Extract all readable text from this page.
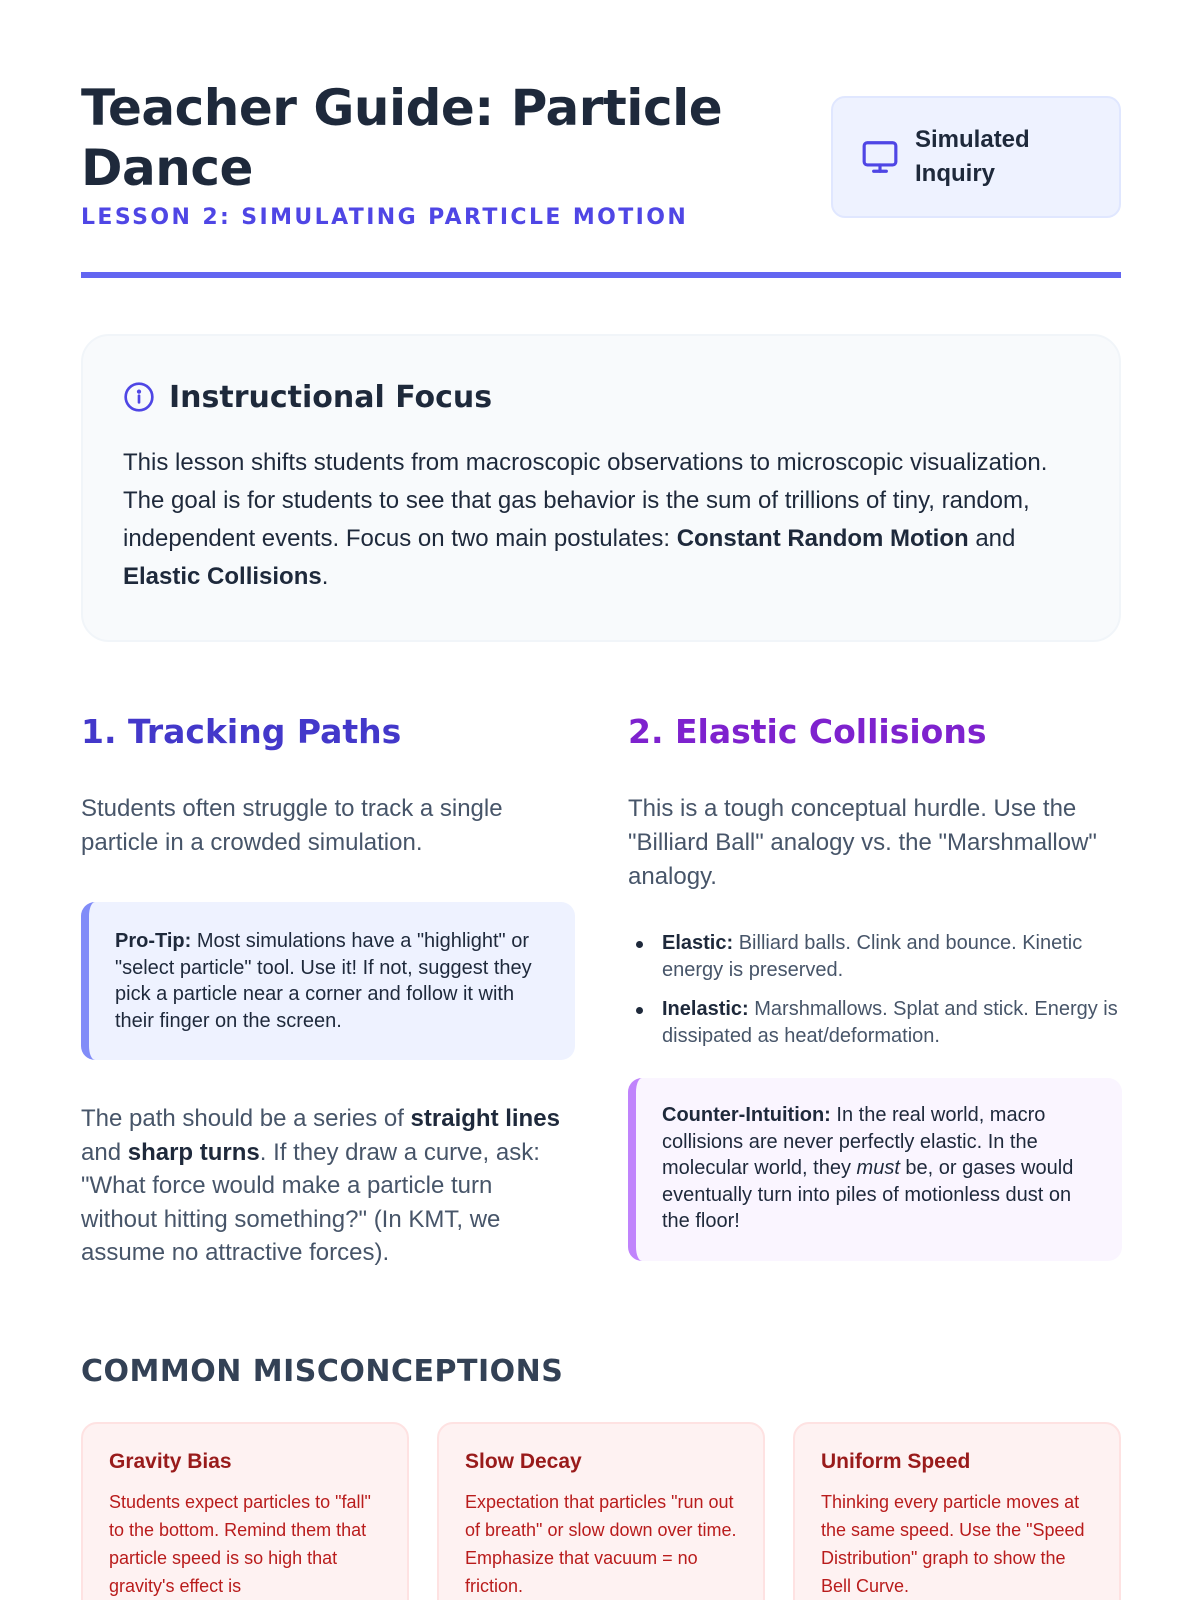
Teacher Guide: Particle Dance
LESSON 2: SIMULATING PARTICLE MOTION
Simulated Inquiry
Instructional Focus

This lesson shifts students from macroscopic observations to microscopic visualization. The goal is for students to see that gas behavior is the sum of trillions of tiny, random, independent events. Focus on two main postulates: Constant Random Motion and Elastic Collisions.

1. Tracking Paths

Students often struggle to track a single particle in a crowded simulation.

Pro-Tip: Most simulations have a "highlight" or "select particle" tool. Use it! If not, suggest they pick a particle near a corner and follow it with their finger on the screen.

The path should be a series of straight lines and sharp turns. If they draw a curve, ask: "What force would make a particle turn without hitting something?" (In KMT, we assume no attractive forces).

2. Elastic Collisions

This is a tough conceptual hurdle. Use the "Billiard Ball" analogy vs. the "Marshmallow" analogy.

Elastic: Billiard balls. Clink and bounce. Kinetic energy is preserved.
Inelastic: Marshmallows. Splat and stick. Energy is dissipated as heat/deformation.
Counter-Intuition: In the real world, macro collisions are never perfectly elastic. In the molecular world, they must be, or gases would eventually turn into piles of motionless dust on the floor!
COMMON MISCONCEPTIONS
Gravity Bias

Students expect particles to "fall" to the bottom. Remind them that particle speed is so high that gravity's effect is

Slow Decay

Expectation that particles "run out of breath" or slow down over time. Emphasize that vacuum = no friction.

Uniform Speed

Thinking every particle moves at the same speed. Use the "Speed Distribution" graph to show the Bell Curve.
